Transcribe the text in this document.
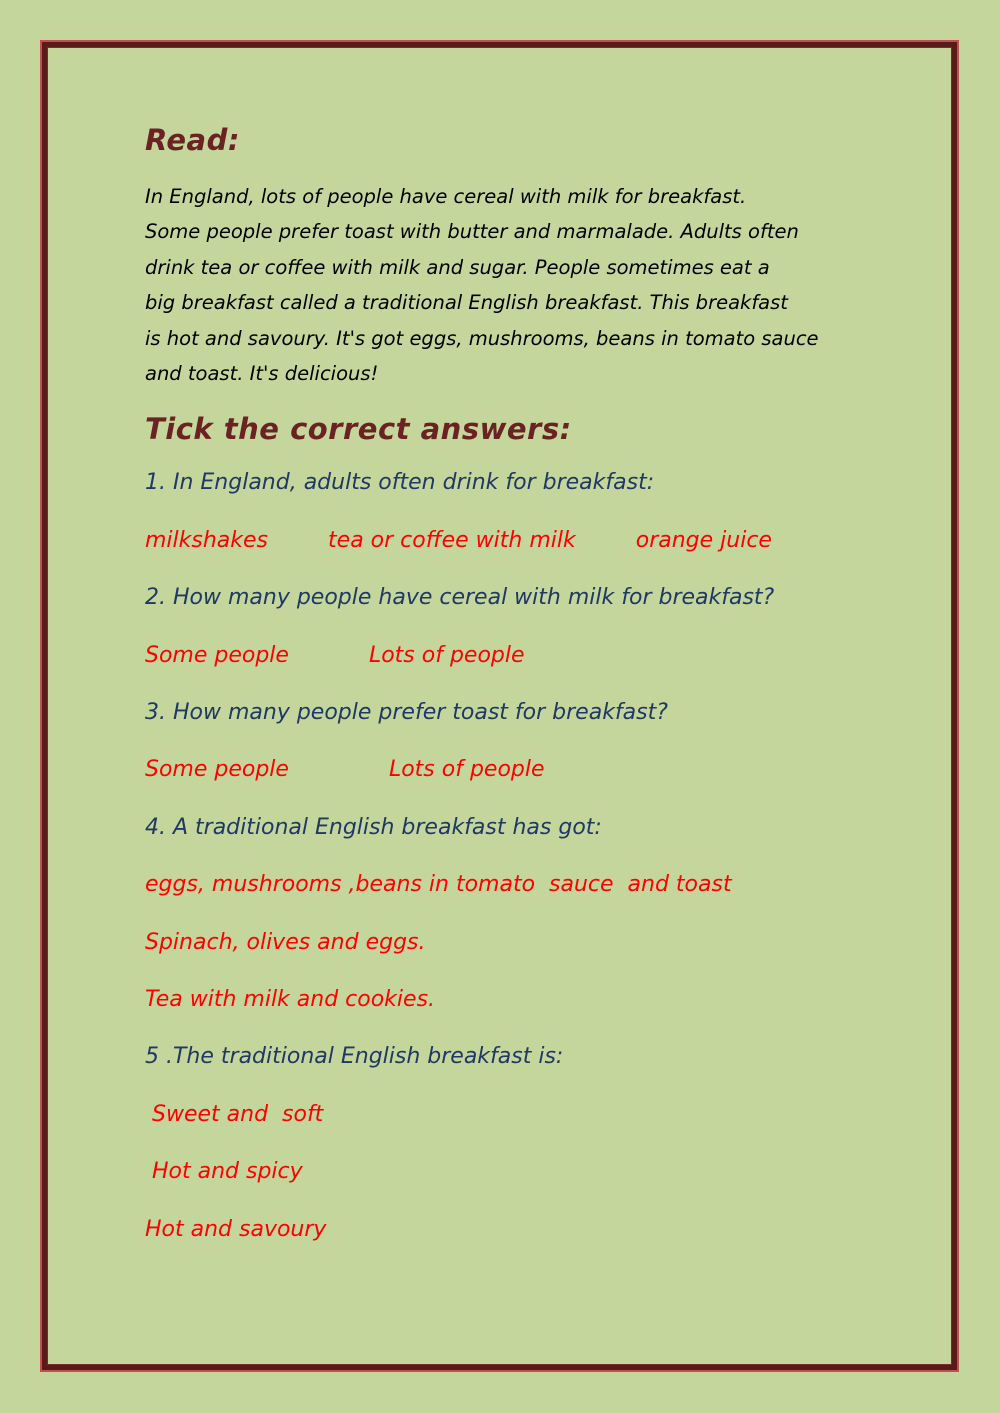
Read:

In England, lots of people have cereal with milk for breakfast.
Some people prefer toast with butter and marmalade. Adults often
drink tea or coffee with milk and sugar. People sometimes eat a
big breakfast called a traditional English breakfast. This breakfast
is hot and savoury. It's got eggs, mushrooms, beans in tomato sauce
and toast. It's delicious!

Tick the correct answers:
1. In England, adults often drink for breakfast:
milkshakes	tea or coffee with milk	orange juice
2. How many people have cereal with milk for breakfast?
Some people	Lots of people
3. How many people prefer toast for breakfast?
Some people	Lots of people
4. A traditional English breakfast has got:
eggs, mushrooms ,beans in tomato  sauce  and toast
Spinach, olives and eggs.
Tea with milk and cookies.
5 .The traditional English breakfast is:
Sweet and  soft
Hot and spicy
Hot and savoury
